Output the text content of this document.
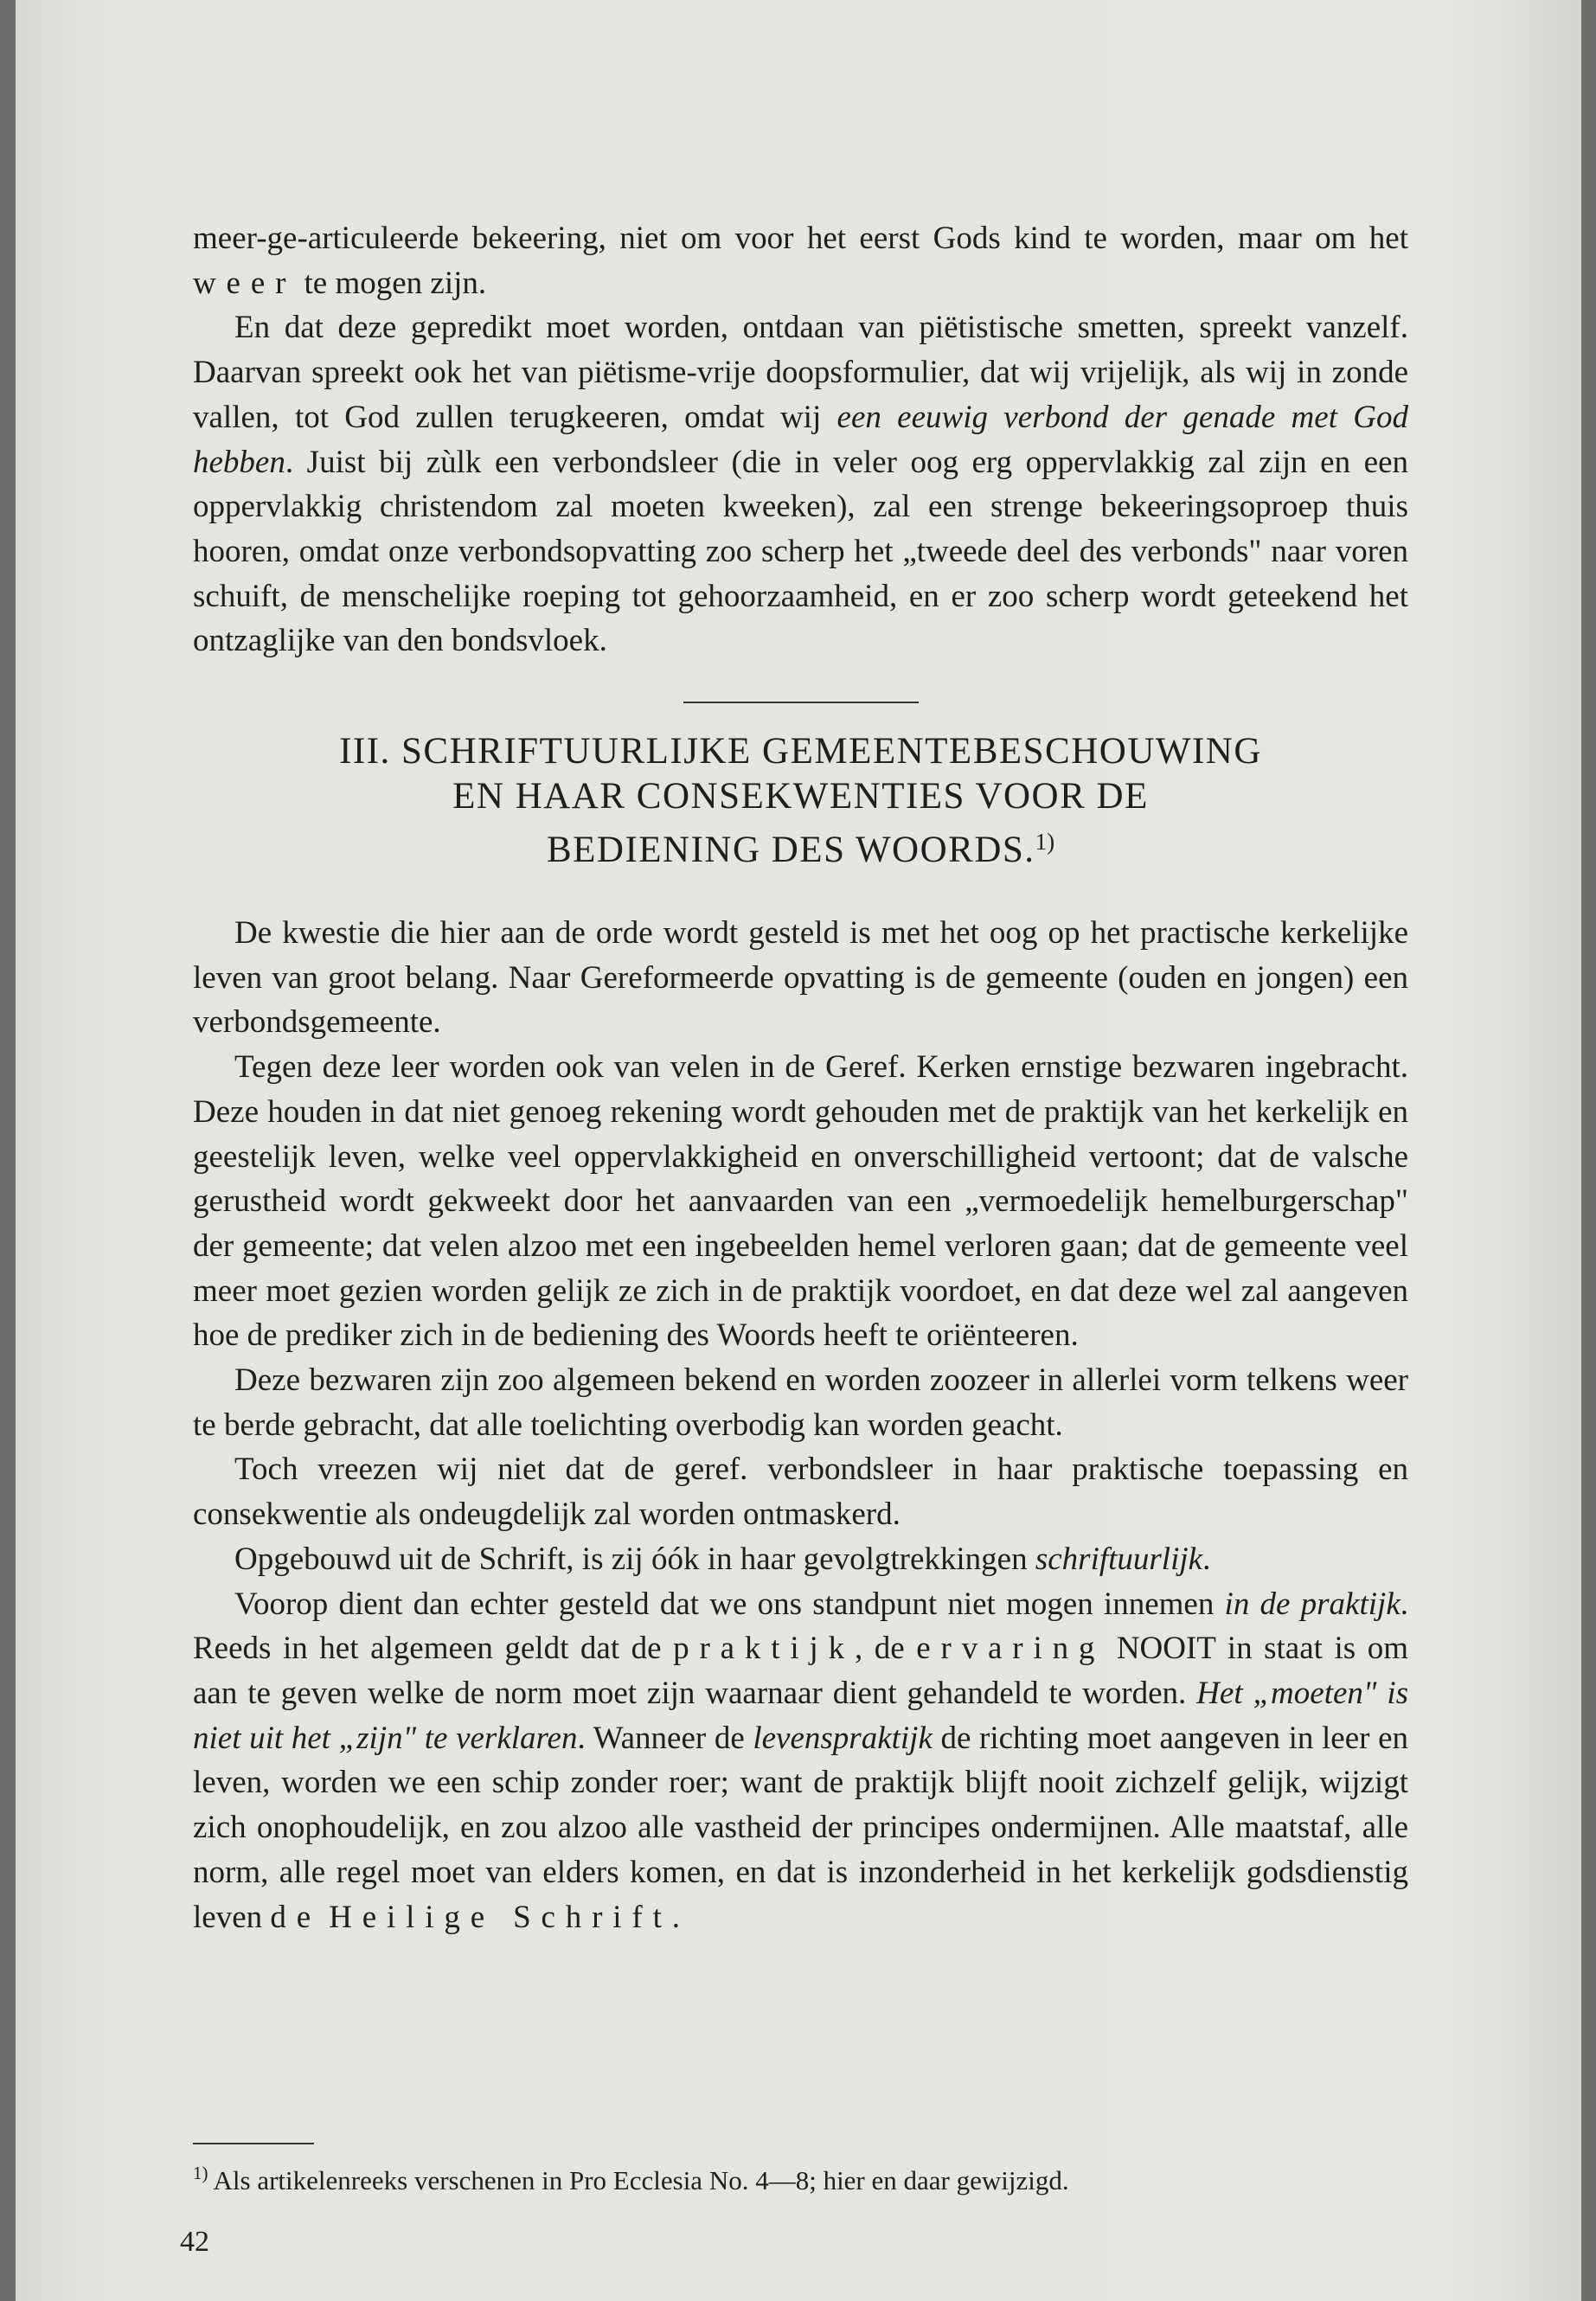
meer-ge-articuleerde bekeering, niet om voor het eerst Gods kind te worden, maar om het weer te mogen zijn.

En dat deze gepredikt moet worden, ontdaan van piëtistische smetten, spreekt vanzelf. Daarvan spreekt ook het van piëtisme-vrije doopsformulier, dat wij vrijelijk, als wij in zonde vallen, tot God zullen terugkeeren, omdat wij een eeuwig verbond der genade met God hebben. Juist bij zùlk een verbondsleer (die in veler oog erg oppervlakkig zal zijn en een oppervlakkig christendom zal moeten kweeken), zal een strenge bekeeringsoproep thuis hooren, omdat onze verbondsopvatting zoo scherp het „tweede deel des verbonds" naar voren schuift, de menschelijke roeping tot gehoorzaamheid, en er zoo scherp wordt geteekend het ontzaglijke van den bondsvloek.

III. SCHRIFTUURLIJKE GEMEENTEBESCHOUWING
EN HAAR CONSEKWENTIES VOOR DE
BEDIENING DES WOORDS.$^{1)}$

De kwestie die hier aan de orde wordt gesteld is met het oog op het practische kerkelijke leven van groot belang. Naar Gereformeerde opvatting is de gemeente (ouden en jongen) een verbondsgemeente.

Tegen deze leer worden ook van velen in de Geref. Kerken ernstige bezwaren ingebracht. Deze houden in dat niet genoeg rekening wordt gehouden met de praktijk van het kerkelijk en geestelijk leven, welke veel oppervlakkigheid en onverschilligheid vertoont; dat de valsche gerustheid wordt gekweekt door het aanvaarden van een „vermoedelijk hemelburgerschap" der gemeente; dat velen alzoo met een ingebeelden hemel verloren gaan; dat de gemeente veel meer moet gezien worden gelijk ze zich in de praktijk voordoet, en dat deze wel zal aangeven hoe de prediker zich in de bediening des Woords heeft te oriënteeren.

Deze bezwaren zijn zoo algemeen bekend en worden zoozeer in allerlei vorm telkens weer te berde gebracht, dat alle toelichting overbodig kan worden geacht.

Toch vreezen wij niet dat de geref. verbondsleer in haar praktische toepassing en consekwentie als ondeugdelijk zal worden ontmaskerd.

Opgebouwd uit de Schrift, is zij óók in haar gevolgtrekkingen schriftuurlijk.

Voorop dient dan echter gesteld dat we ons standpunt niet mogen innemen in de praktijk. Reeds in het algemeen geldt dat de praktijk, de ervaring NOOIT in staat is om aan te geven welke de norm moet zijn waarnaar dient gehandeld te worden. Het „moeten" is niet uit het „zijn" te verklaren. Wanneer de levenspraktijk de richting moet aangeven in leer en leven, worden we een schip zonder roer; want de praktijk blijft nooit zichzelf gelijk, wijzigt zich onophoudelijk, en zou alzoo alle vastheid der principes ondermijnen. Alle maatstaf, alle norm, alle regel moet van elders komen, en dat is inzonderheid in het kerkelijk godsdienstig leven de Heilige Schrift.

$^{1)}$ Als artikelenreeks verschenen in Pro Ecclesia No. 4—8; hier en daar gewijzigd.
42
